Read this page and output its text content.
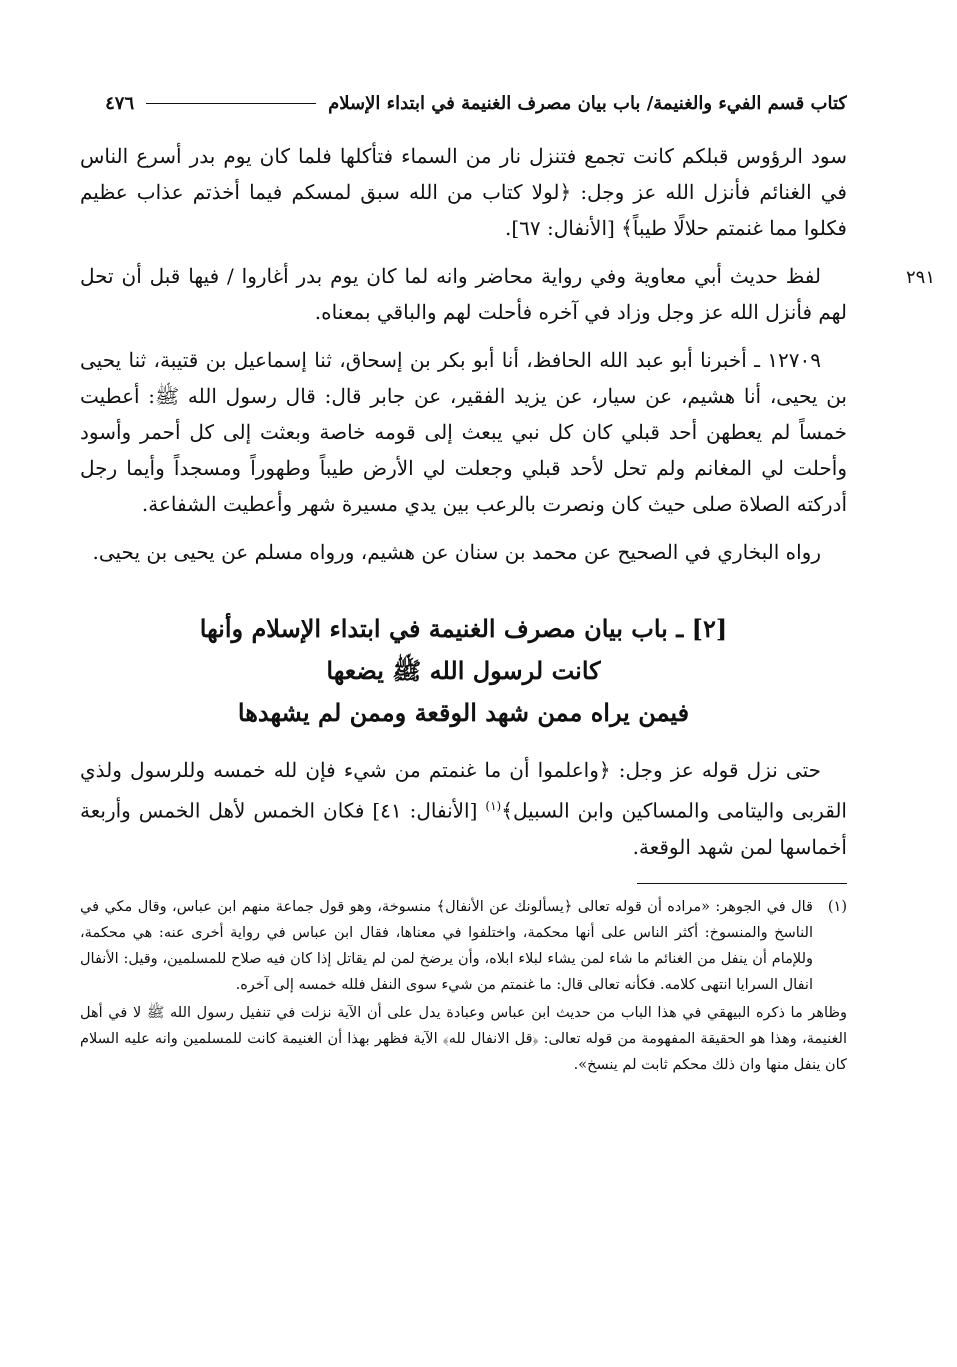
كتاب قسم الفيء والغنيمة/ باب بيان مصرف الغنيمة في ابتداء الإسلام
٤٧٦

سود الرؤوس قبلكم كانت تجمع فتنزل نار من السماء فتأكلها فلما كان يوم بدر أسرع الناس في الغنائم فأنزل الله عز وجل: ﴿لولا كتاب من الله سبق لمسكم فيما أخذتم عذاب عظيم فكلوا مما غنمتم حلالًا طيباً﴾ [الأنفال: ٦٧].

٢٩١

لفظ حديث أبي معاوية وفي رواية محاضر وانه لما كان يوم بدر أغاروا / فيها قبل أن تحل لهم فأنزل الله عز وجل وزاد في آخره فأحلت لهم والباقي بمعناه.

١٢٧٠٩ ـ أخبرنا أبو عبد الله الحافظ، أنا أبو بكر بن إسحاق، ثنا إسماعيل بن قتيبة، ثنا يحيى بن يحيى، أنا هشيم، عن سيار، عن يزيد الفقير، عن جابر قال: قال رسول الله ﷺ: أعطيت خمساً لم يعطهن أحد قبلي كان كل نبي يبعث إلى قومه خاصة وبعثت إلى كل أحمر وأسود وأحلت لي المغانم ولم تحل لأحد قبلي وجعلت لي الأرض طيباً وطهوراً ومسجداً وأيما رجل أدركته الصلاة صلى حيث كان ونصرت بالرعب بين يدي مسيرة شهر وأعطيت الشفاعة.

رواه البخاري في الصحيح عن محمد بن سنان عن هشيم، ورواه مسلم عن يحيى بن يحيى.

[٢] ـ باب بيان مصرف الغنيمة في ابتداء الإسلام وأنها
كانت لرسول الله ﷺ يضعها
فيمن يراه ممن شهد الوقعة وممن لم يشهدها

حتى نزل قوله عز وجل: ﴿واعلموا أن ما غنمتم من شيء فإن لله خمسه وللرسول ولذي القربى واليتامى والمساكين وابن السبيل﴾$^{(١)}$ [الأنفال: ٤١] فكان الخمس لأهل الخمس وأربعة أخماسها لمن شهد الوقعة.

(١)
قال في الجوهر: «مراده أن قوله تعالى ﴿يسألونك عن الأنفال﴾ منسوخة، وهو قول جماعة منهم ابن عباس، وقال مكي في الناسخ والمنسوخ: أكثر الناس على أنها محكمة، واختلفوا في معناها، فقال ابن عباس في رواية أخرى عنه: هي محكمة، وللإمام أن ينفل من الغنائم ما شاء لمن يشاء لبلاء ابلاه، وأن يرضخ لمن لم يقاتل إذا كان فيه صلاح للمسلمين، وقيل: الأنفال انفال السرايا انتهى كلامه. فكأنه تعالى قال: ما غنمتم من شيء سوى النفل فلله خمسه إلى آخره.

وظاهر ما ذكره البيهقي في هذا الباب من حديث ابن عباس وعبادة يدل على أن الآية نزلت في تنفيل رسول الله ﷺ لا في أهل الغنيمة، وهذا هو الحقيقة المفهومة من قوله تعالى: ﴿قل الانفال لله﴾ الآية فظهر بهذا أن الغنيمة كانت للمسلمين وانه عليه السلام كان ينفل منها وان ذلك محكم ثابت لم ينسخ».
